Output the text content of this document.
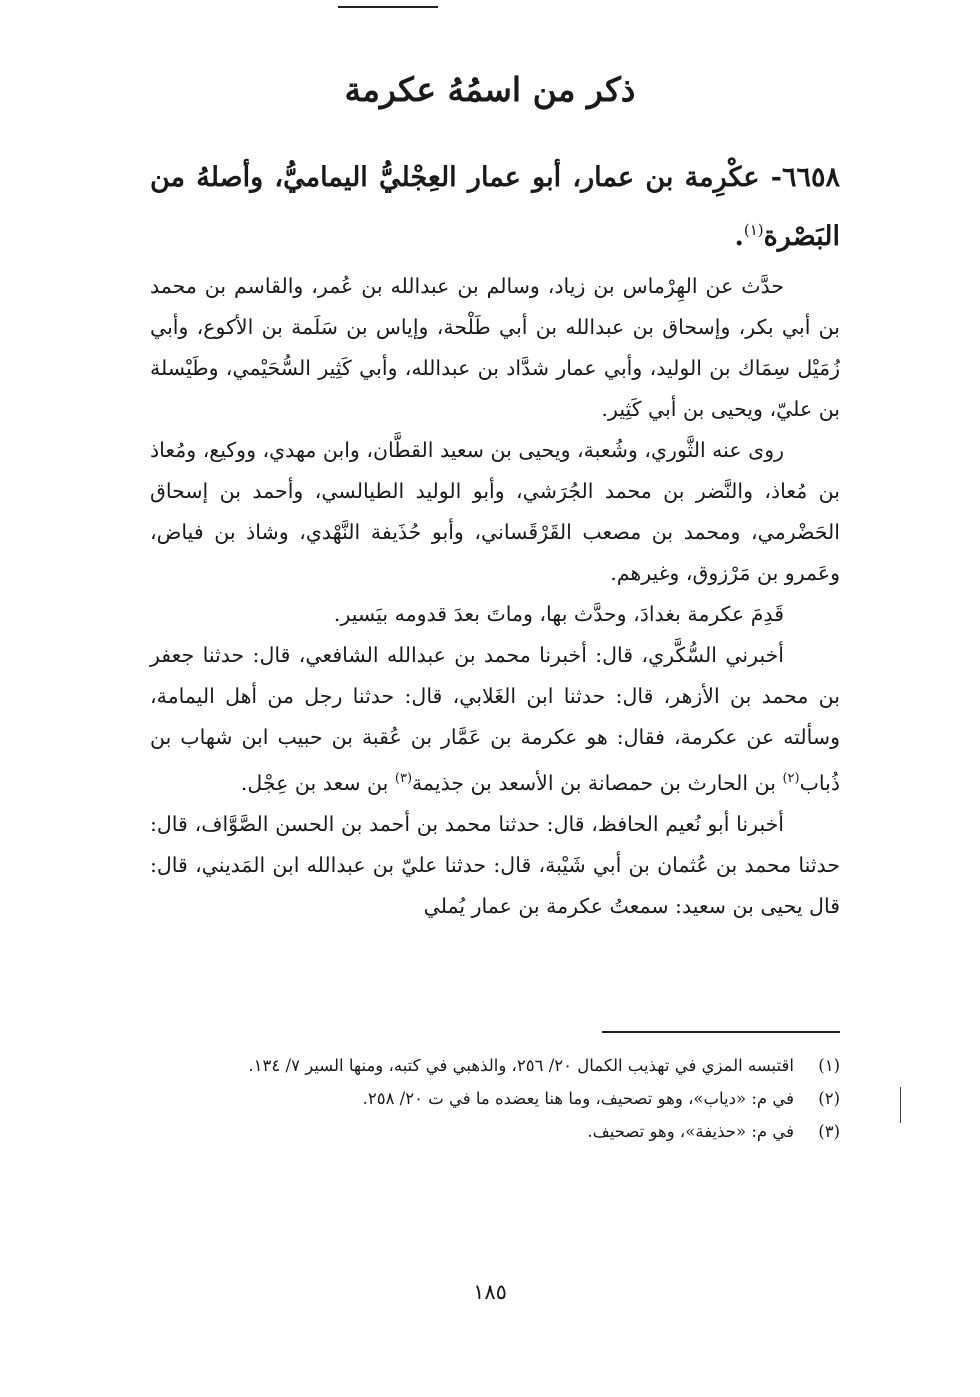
ذكر من اسمُهُ عكرمة
٦٦٥٨- عكْرِمة بن عمار، أبو عمار العِجْليُّ اليماميُّ، وأصلهُ من البَصْرة$^{(١)}$.

حدَّث عن الهِرْماس بن زياد، وسالم بن عبدالله بن عُمر، والقاسم بن محمد بن أبي بكر، وإسحاق بن عبدالله بن أبي طَلْحة، وإياس بن سَلَمة بن الأكوع، وأبي زُمَيْل سِمَاك بن الوليد، وأبي عمار شدَّاد بن عبدالله، وأبي كَثِير السُّحَيْمي، وطَيْسلة بن عليّ، ويحيى بن أبي كَثِير.

روى عنه الثَّوري، وشُعبة، ويحيى بن سعيد القطَّان، وابن مهدي، ووكيع، ومُعاذ بن مُعاذ، والنَّضر بن محمد الجُرَشي، وأبو الوليد الطيالسي، وأحمد بن إسحاق الحَضْرمي، ومحمد بن مصعب القَرْقَساني، وأبو حُذَيفة النَّهْدي، وشاذ بن فياض، وعَمرو بن مَرْزوق، وغيرهم.

قَدِمَ عكرمة بغدادَ، وحدَّث بها، وماتَ بعدَ قدومه بيَسير.

أخبرني السُّكَّري، قال: أخبرنا محمد بن عبدالله الشافعي، قال: حدثنا جعفر بن محمد بن الأزهر، قال: حدثنا ابن الغَلابي، قال: حدثنا رجل من أهل اليمامة، وسألته عن عكرمة، فقال: هو عكرمة بن عَمَّار بن عُقبة بن حبيب ابن شهاب بن ذُباب$^{(٢)}$ بن الحارث بن حمصانة بن الأسعد بن جذيمة$^{(٣)}$ بن سعد بن عِجْل.

أخبرنا أبو نُعيم الحافظ، قال: حدثنا محمد بن أحمد بن الحسن الصَّوَّاف، قال: حدثنا محمد بن عُثمان بن أبي شَيْبة، قال: حدثنا عليّ بن عبدالله ابن المَديني، قال: قال يحيى بن سعيد: سمعتُ عكرمة بن عمار يُملي

(١)
اقتبسه المزي في تهذيب الكمال ٢٠/ ٢٥٦، والذهبي في كتبه، ومنها السير ٧/ ١٣٤.
(٢)
في م: «دياب»، وهو تصحيف، وما هنا يعضده ما في ت ٢٠/ ٢٥٨.
(٣)
في م: «حذيفة»، وهو تصحيف.
١٨٥
